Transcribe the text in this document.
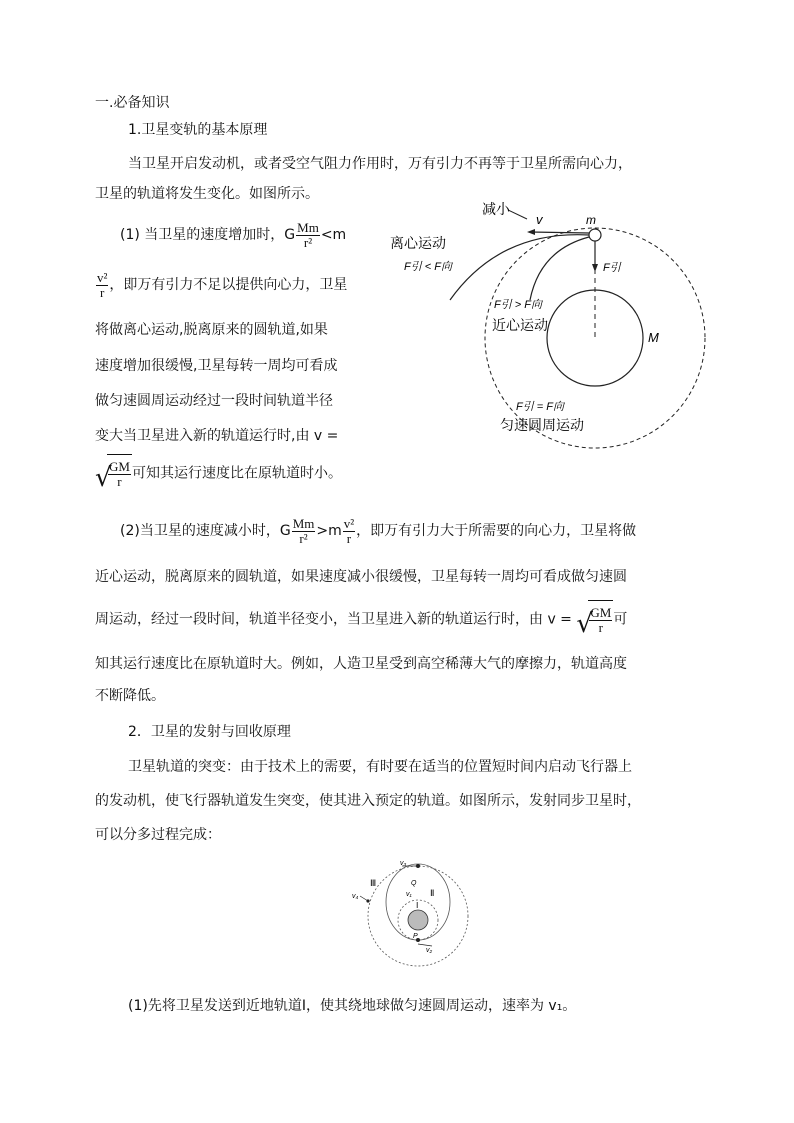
一.必备知识
1.卫星变轨的基本原理
当卫星开启发动机，或者受空气阻力作用时，万有引力不再等于卫星所需向心力，
卫星的轨道将发生变化。如图所示。
(1) 当卫星的速度增加时，G $\frac{Mm}{\text{r²}} <m$
$\frac{\text{v²}}{r}$ ，即万有引力不足以提供向心力，卫星
将做离心运动,脱离原来的圆轨道,如果
速度增加很缓慢,卫星每转一周均可看成
做匀速圆周运动经过一段时间轨道半径
变大当卫星进入新的轨道运行时,由 v =
√
$\frac{GM}{r}$ 可知其运行速度比在原轨道时小。
(2)当卫星的速度减小时，G $\frac{Mm}{\text{r²}} >m \frac{\text{v²}}{r}$ ，即万有引力大于所需要的向心力，卫星将做
近心运动，脱离原来的圆轨道，如果速度减小很缓慢，卫星每转一周均可看成做匀速圆
周运动，经过一段时间，轨道半径变小，当卫星进入新的轨道运行时，由 v = √
$\frac{GM}{r}$ 可
知其运行速度比在原轨道时大。例如，人造卫星受到高空稀薄大气的摩擦力，轨道高度
不断降低。
2．卫星的发射与回收原理
卫星轨道的突变：由于技术上的需要，有时要在适当的位置短时间内启动飞行器上
的发动机，使飞行器轨道发生突变，使其进入预定的轨道。如图所示，发射同步卫星时，
可以分多过程完成：
(1)先将卫星发送到近地轨道Ⅰ，使其绕地球做匀速圆周运动，速率为 v₁。
减小
v	m
离心运动
F引 < F向	F引
F引 > F向
近心运动
M
F引 = F向
匀速圆周运动
v₃
v₄	v₁
v₂
Ⅲ
Ⅱ
Ⅰ
Q
P
